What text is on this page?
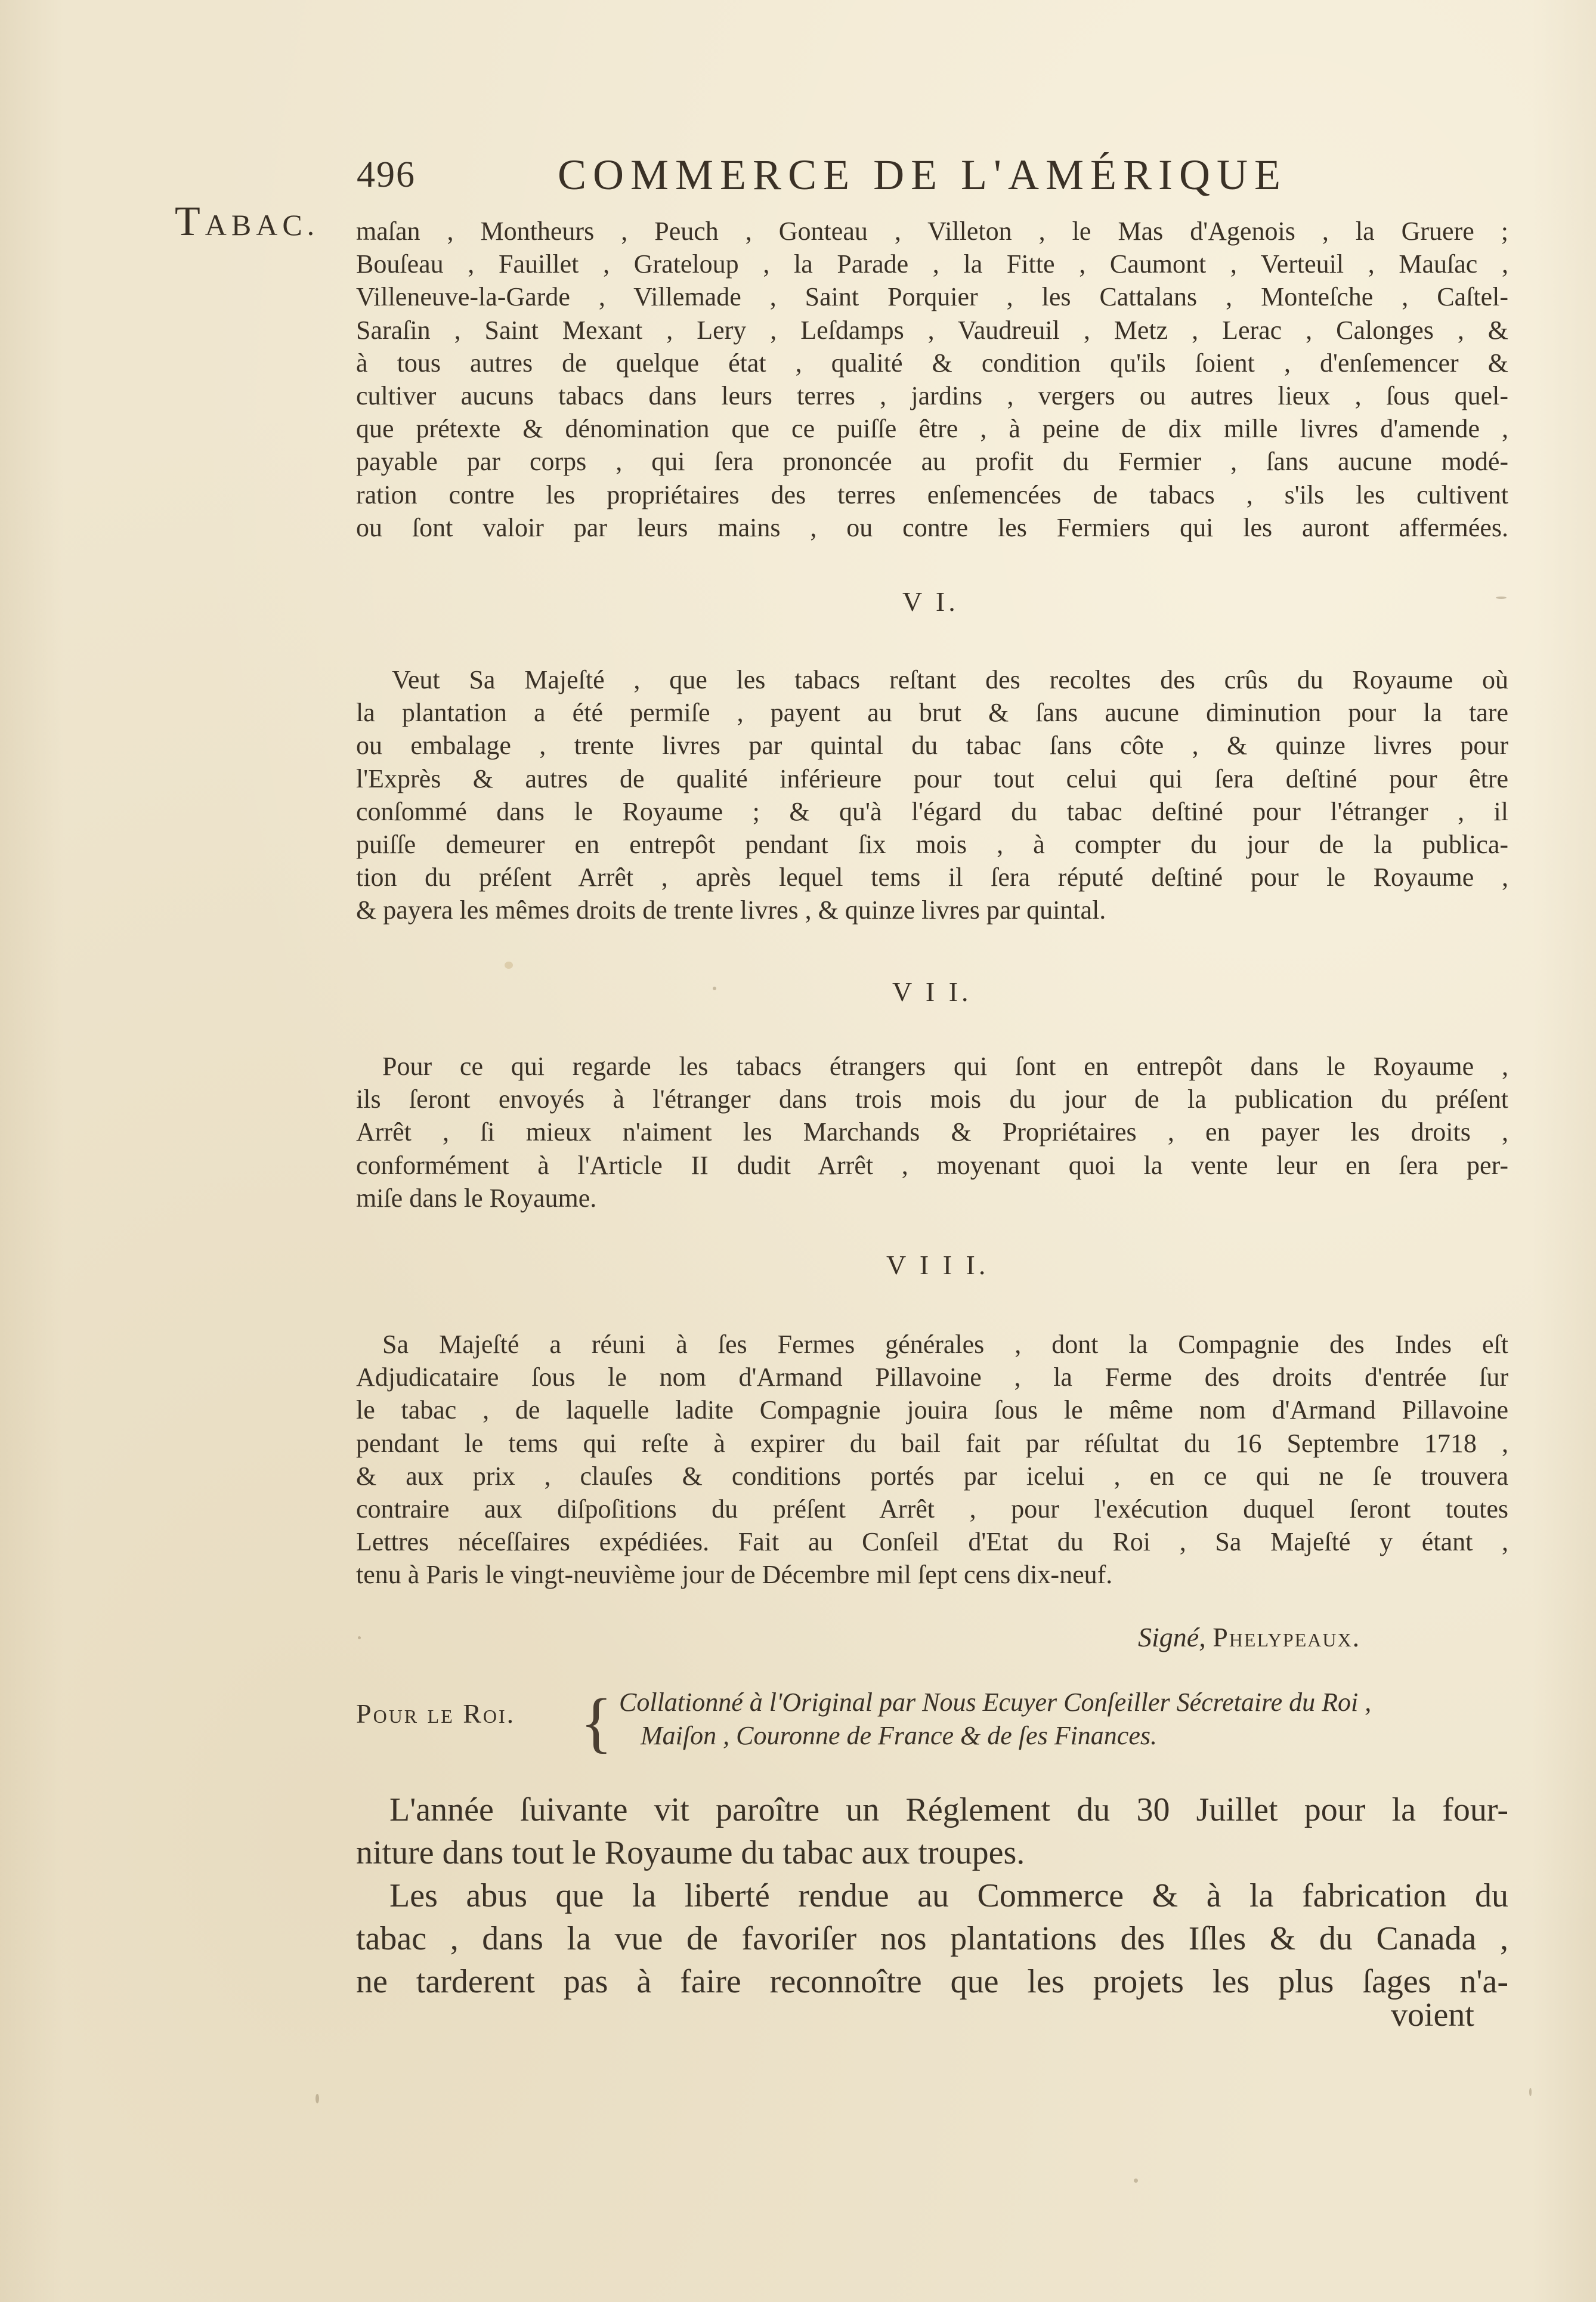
496	COMMERCE DE L'AMÉRIQUE
TABAC. maſan , Montheurs , Peuch , Gonteau , Villeton , le Mas d'Agenois , la Gruere ;
Bouſeau , Fauillet , Grateloup , la Parade , la Fitte , Caumont , Verteuil , Mauſac ,
Villeneuve-la-Garde , Villemade , Saint Porquier , les Cattalans , Monteſche , Caſtel-
Saraſin , Saint Mexant , Lery , Leſdamps , Vaudreuil , Metz , Lerac , Calonges , &
à tous autres de quelque état , qualité & condition qu'ils ſoient , d'enſemencer &
cultiver aucuns tabacs dans leurs terres , jardins , vergers ou autres lieux , ſous quel-
que prétexte & dénomination que ce puiſſe être , à peine de dix mille livres d'amende ,
payable par corps , qui ſera prononcée au profit du Fermier , ſans aucune modé-
ration contre les propriétaires des terres enſemencées de tabacs , s'ils les cultivent
ou ſont valoir par leurs mains , ou contre les Fermiers qui les auront affermées.
V I.
Veut Sa Majeſté , que les tabacs reſtant des recoltes des crûs du Royaume où
la plantation a été permiſe , payent au brut & ſans aucune diminution pour la tare
ou embalage , trente livres par quintal du tabac ſans côte , & quinze livres pour
l'Exprès & autres de qualité inférieure pour tout celui qui ſera deſtiné pour être
conſommé dans le Royaume ; & qu'à l'égard du tabac deſtiné pour l'étranger , il
puiſſe demeurer en entrepôt pendant ſix mois , à compter du jour de la publica-
tion du préſent Arrêt , après lequel tems il ſera réputé deſtiné pour le Royaume ,
& payera les mêmes droits de trente livres , & quinze livres par quintal.
V I I.
Pour ce qui regarde les tabacs étrangers qui ſont en entrepôt dans le Royaume ,
ils ſeront envoyés à l'étranger dans trois mois du jour de la publication du préſent
Arrêt , ſi mieux n'aiment les Marchands & Propriétaires , en payer les droits ,
conformément à l'Article II dudit Arrêt , moyenant quoi la vente leur en ſera per-
miſe dans le Royaume.
V I I I.
Sa Majeſté a réuni à ſes Fermes générales , dont la Compagnie des Indes eſt
Adjudicataire ſous le nom d'Armand Pillavoine , la Ferme des droits d'entrée ſur
le tabac , de laquelle ladite Compagnie jouira ſous le même nom d'Armand Pillavoine
pendant le tems qui reſte à expirer du bail fait par réſultat du 16 Septembre 1718 ,
& aux prix , clauſes & conditions portés par icelui , en ce qui ne ſe trouvera
contraire aux diſpoſitions du préſent Arrêt , pour l'exécution duquel ſeront toutes
Lettres néceſſaires expédiées. Fait au Conſeil d'Etat du Roi , Sa Majeſté y étant ,
tenu à Paris le vingt-neuvième jour de Décembre mil ſept cens dix-neuf.
Signé, Phelypeaux.
Pour le Roi. { Collationné à l'Original par Nous Ecuyer Conſeiller Sécretaire du Roi ,
Maiſon , Couronne de France & de ſes Finances.
L'année ſuivante vit paroître un Réglement du 30 Juillet pour la four-
niture dans tout le Royaume du tabac aux troupes.
Les abus que la liberté rendue au Commerce & à la fabrication du
tabac , dans la vue de favoriſer nos plantations des Iſles & du Canada ,
ne tarderent pas à faire reconnoître que les projets les plus ſages n'a-
voient
